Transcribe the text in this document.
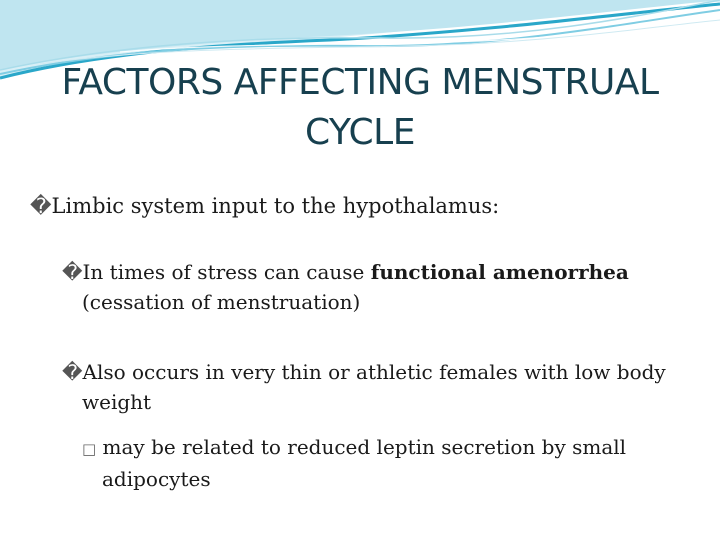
FACTORS AFFECTING MENSTRUAL
CYCLE
�Limbic system input to the hypothalamus:
�In times of stress can cause functional amenorrhea
(cessation of menstruation)
�Also occurs in very thin or athletic females with low body
weight
□ may be related to reduced leptin secretion by small
adipocytes
